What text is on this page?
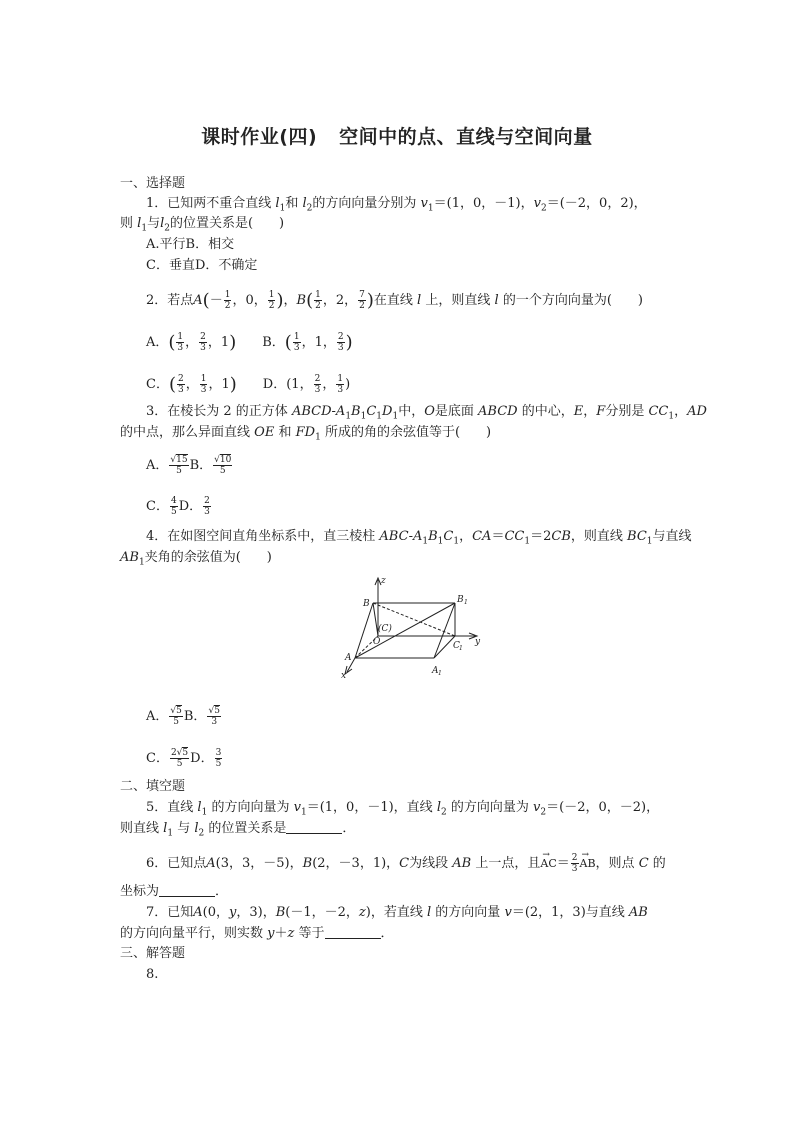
课时作业(四) 空间中的点、直线与空间向量
一、选择题
1．已知两不重合直线 $l_1$和 $l_2$的方向向量分别为 $v_1=(1$，0，－1)，$v_2=(-2$，0，2)，
则 $l_1$与$l_2$的位置关系是(　　)
A.平行B．相交
C．垂直D．不确定
2．若点$A(- \frac{1}{2}$ ，0， $\frac{1}{2}$ )，$B( \frac{1}{2}$ ，2， $\frac{7}{2}$ )在直线 l 上，则直线 l 的一个方向向量为(　　)
A．( $\frac{1}{3}$ ， $\frac{2}{3}$ ，1)　　 B．( $\frac{1}{3}$ ，1， $\frac{2}{3}$ )
C．( $\frac{2}{3}$ ， $\frac{1}{3}$ ，1)　　 D．(1， $\frac{2}{3}$ ， $\frac{1}{3}$ )
3．在棱长为 2 的正方体 ABCD-$A_1B_1C_1D_1$中，O是底面 ABCD 的中心，E，F分别是 $CC_1$，AD
的中点，那么异面直线 OE 和 $FD_1$ 所成的角的余弦值等于(　　)
A． $\frac{√15}{5}$ B． $\frac{√10}{5}$
C． $\frac{4}{5}$ D． $\frac{2}{3}$
4．在如图空间直角坐标系中，直三棱柱 ABC-$A_1B_1C_1$，$CA=CC_1=2CB$，则直线 $BC_1$与直线
$AB_1$夹角的余弦值为(　　)
z
y
x
B	B 1
(C)
O	C 1
A
A 1
A． $\frac{√5}{5}$ B． $\frac{√5}{3}$
C． $\frac{2√5}{5}$ D． $\frac{3}{5}$
二、填空题
5．直线 $l_1$ 的方向向量为 $v_1=(1$，0，－1)，直线 $l_2$ 的方向向量为 $v_2=(-2$，0，－2)，
则直线 $l_1$ 与 $l_2$ 的位置关系是	．
6．已知点A(3，3，－5)，B(2，－3，1)，C为线段 AB 上一点，且→ $AC= \frac{2}{3}$
→ AB，则点 C 的
坐标为	．
7．已知A(0，y，3)，B(－1，－2，z)，若直线 l 的方向向量 v＝(2，1，3)与直线 AB
的方向向量平行，则实数 y＋z 等于	．
三、解答题
8.
